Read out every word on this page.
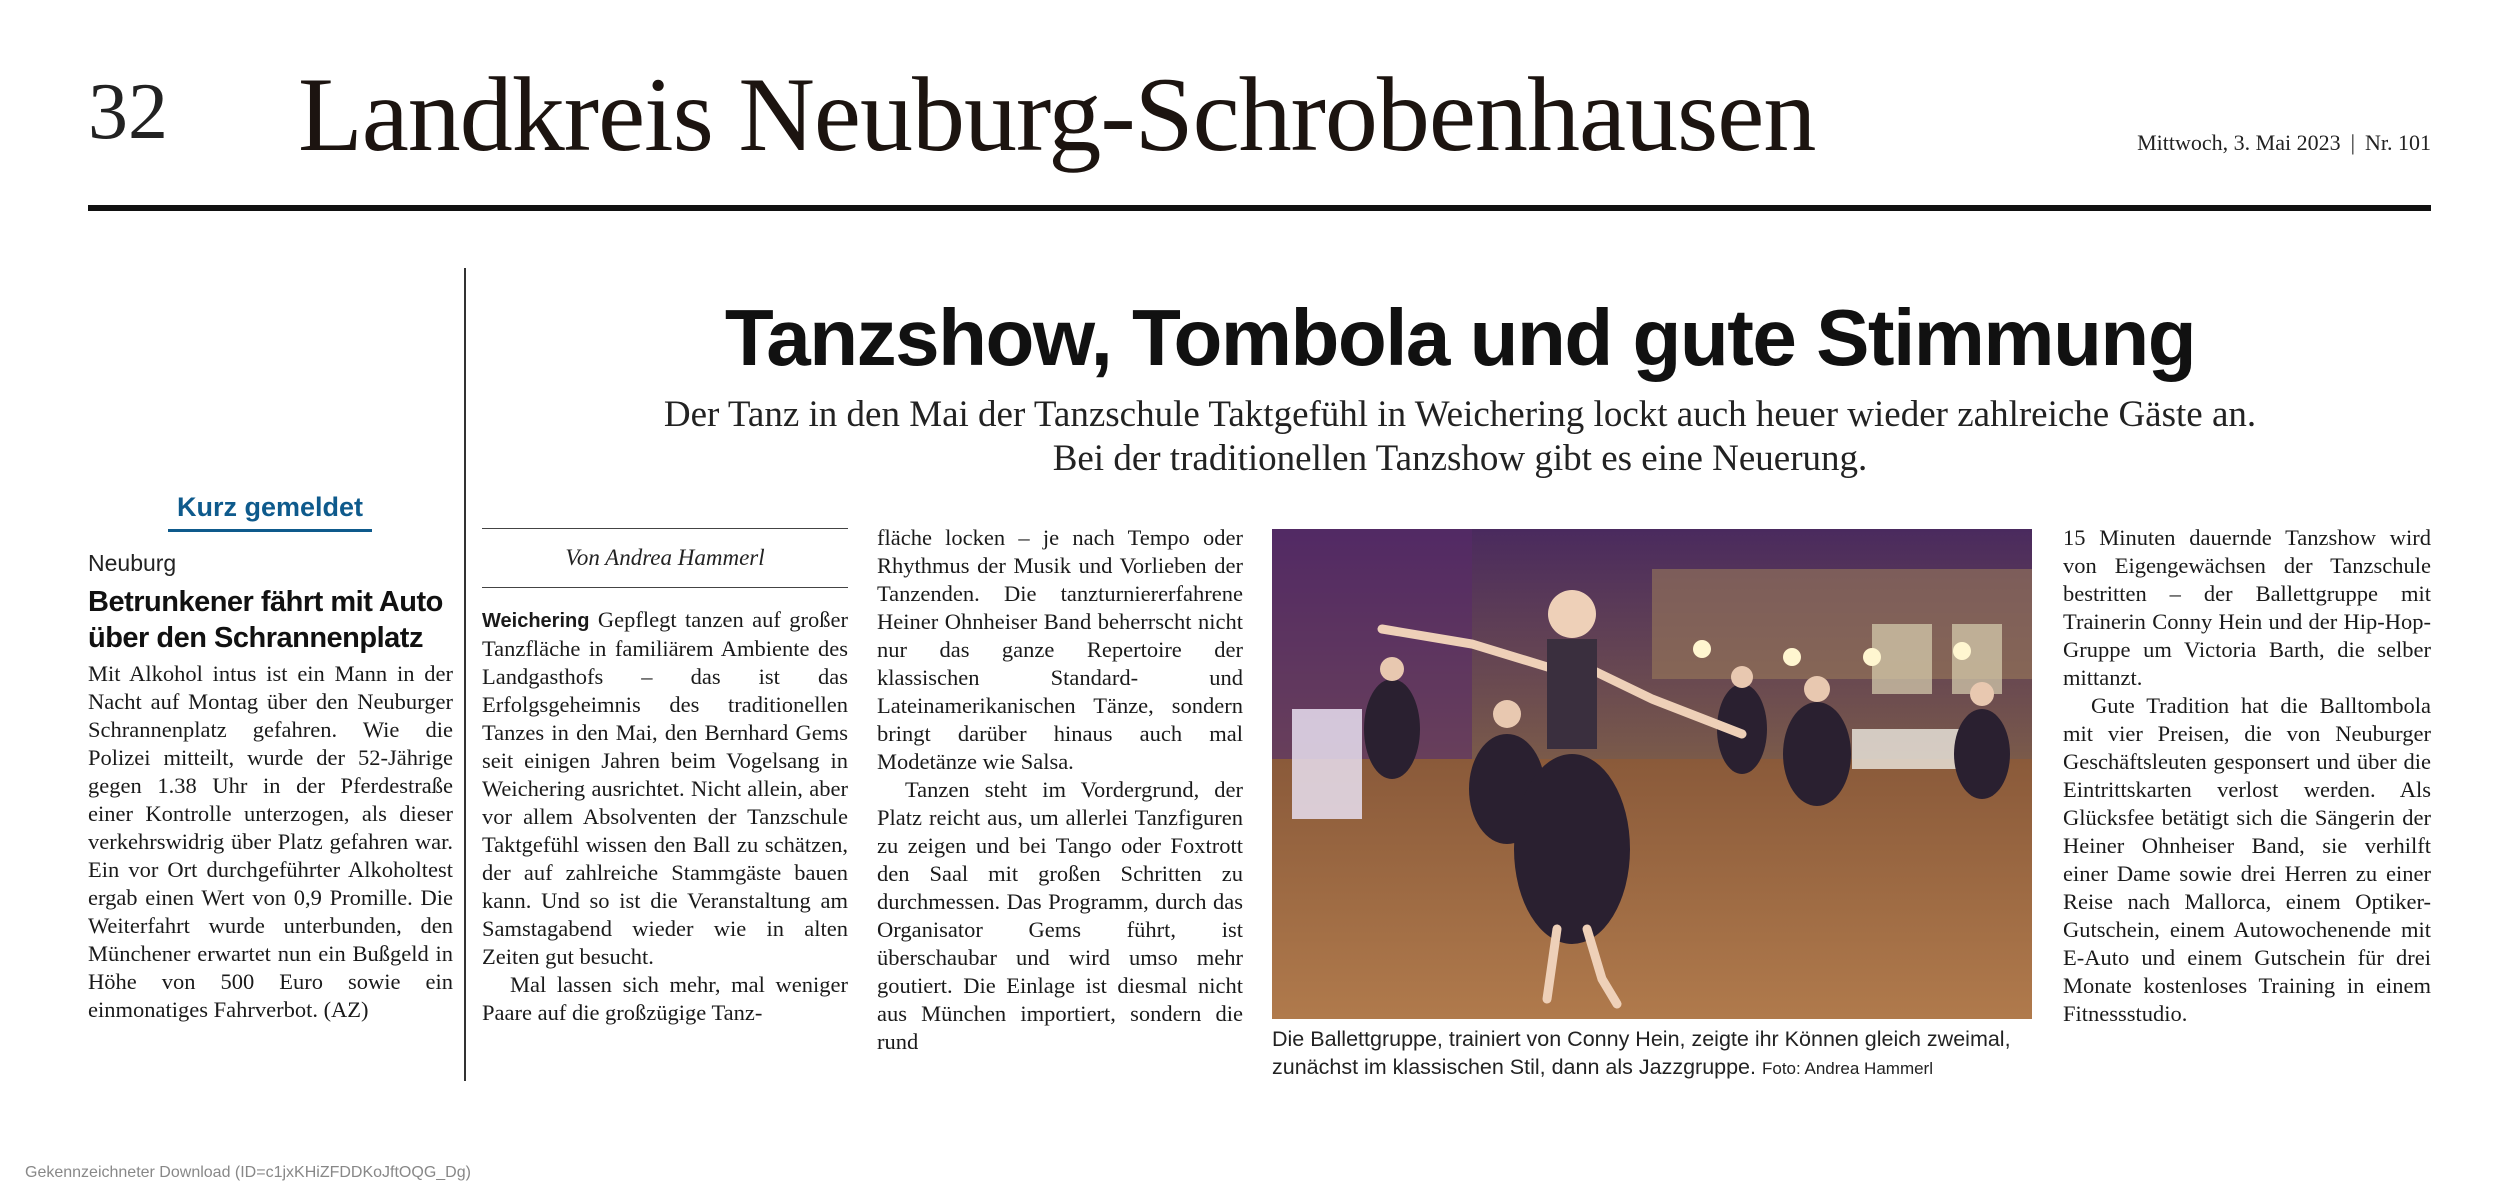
32 Landkreis Neuburg-Schrobenhausen	Mittwoch, 3. Mai 2023 | Nr. 101
Kurz gemeldet
Neuburg
Betrunkener fährt mit Auto über den Schrannenplatz
Mit Alkohol intus ist ein Mann in der Nacht auf Montag über den Neuburger Schrannenplatz gefahren. Wie die Polizei mitteilt, wurde der 52-Jährige gegen 1.38 Uhr in der Pferdestraße einer Kontrolle unterzogen, als dieser verkehrswidrig über Platz gefahren war. Ein vor Ort durchgeführter Alkoholtest ergab einen Wert von 0,9 Promille. Die Weiterfahrt wurde unterbunden, den Münchener erwartet nun ein Bußgeld in Höhe von 500 Euro sowie ein einmonatiges Fahrverbot. (AZ)
Tanzshow, Tombola und gute Stimmung
Der Tanz in den Mai der Tanzschule Taktgefühl in Weichering lockt auch heuer wieder zahlreiche Gäste an.
Bei der traditionellen Tanzshow gibt es eine Neuerung.
Von Andrea Hammerl

Weichering Gepflegt tanzen auf großer Tanzfläche in familiärem Ambiente des Landgasthofs – das ist das Erfolgsgeheimnis des traditionellen Tanzes in den Mai, den Bernhard Gems seit einigen Jahren beim Vogelsang in Weichering ausrichtet. Nicht allein, aber vor allem Absolventen der Tanzschule Taktgefühl wissen den Ball zu schätzen, der auf zahlreiche Stammgäste bauen kann. Und so ist die Veranstaltung am Samstagabend wieder wie in alten Zeiten gut besucht.

Mal lassen sich mehr, mal weniger Paare auf die großzügige Tanz-

fläche locken – je nach Tempo oder Rhythmus der Musik und Vorlieben der Tanzenden. Die tanzturniererfahrene Heiner Ohnheiser Band beherrscht nicht nur das ganze Repertoire der klassischen Standard- und Lateinamerikanischen Tänze, sondern bringt darüber hinaus auch mal Modetänze wie Salsa.

Tanzen steht im Vordergrund, der Platz reicht aus, um allerlei Tanzfiguren zu zeigen und bei Tango oder Foxtrott den Saal mit großen Schritten zu durchmessen. Das Programm, durch das Organisator Gems führt, ist überschaubar und wird umso mehr goutiert. Die Einlage ist diesmal nicht aus München importiert, sondern die rund	Die Ballettgruppe, trainiert von Conny Hein, zeigte ihr Können gleich zweimal, zunächst im klassischen Stil, dann als Jazzgruppe. Foto: Andrea Hammerl

15 Minuten dauernde Tanzshow wird von Eigengewächsen der Tanzschule bestritten – der Ballettgruppe mit Trainerin Conny Hein und der Hip-Hop-Gruppe um Victoria Barth, die selber mittanzt.

Gute Tradition hat die Balltombola mit vier Preisen, die von Neuburger Geschäftsleuten gesponsert und über die Eintrittskarten verlost werden. Als Glücksfee betätigt sich die Sängerin der Heiner Ohnheiser Band, sie verhilft einer Dame sowie drei Herren zu einer Reise nach Mallorca, einem Optiker-Gutschein, einem Autowochenende mit E-Auto und einem Gutschein für drei Monate kostenloses Training in einem Fitnessstudio.

Gekennzeichneter Download (ID=c1jxKHiZFDDKoJftOQG_Dg)
